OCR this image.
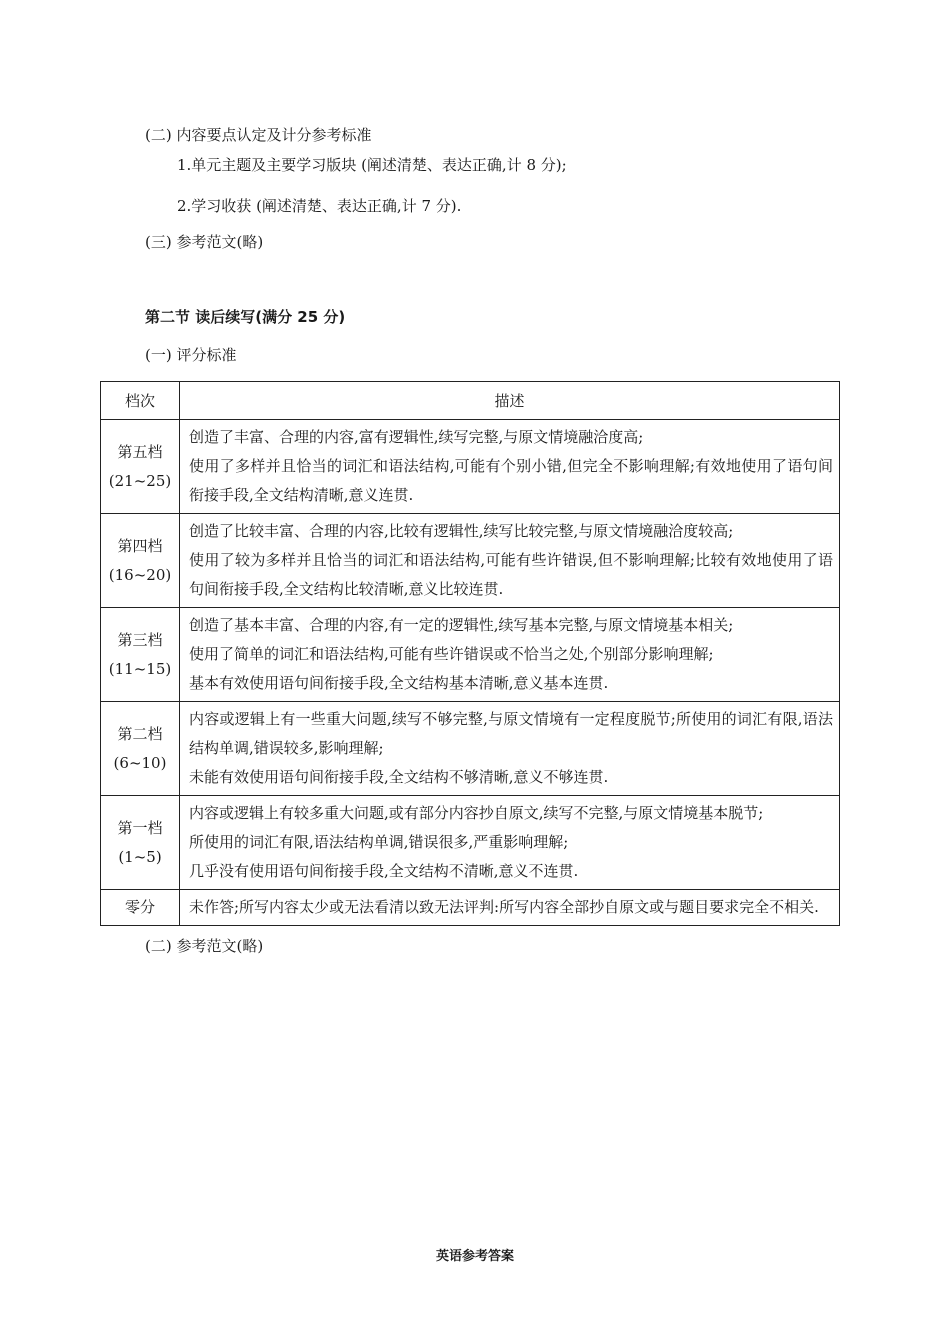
(二) 内容要点认定及计分参考标准
1.单元主题及主要学习版块 (阐述清楚、表达正确,计 8 分);
2.学习收获 (阐述清楚、表达正确,计 7 分).
(三) 参考范文(略)
第二节 读后续写(满分 25 分)
(一) 评分标准
档次	描述

第五档
(21~25)	创造了丰富、合理的内容,富有逻辑性,续写完整,与原文情境融洽度高;
使用了多样并且恰当的词汇和语法结构,可能有个别小错,但完全不影响理解;有效地使用了语句间衔接手段,全文结构清晰,意义连贯.

第四档
(16~20)	创造了比较丰富、合理的内容,比较有逻辑性,续写比较完整,与原文情境融洽度较高;
使用了较为多样并且恰当的词汇和语法结构,可能有些许错误,但不影响理解;比较有效地使用了语句间衔接手段,全文结构比较清晰,意义比较连贯.

第三档
(11~15)	创造了基本丰富、合理的内容,有一定的逻辑性,续写基本完整,与原文情境基本相关;
使用了简单的词汇和语法结构,可能有些许错误或不恰当之处,个别部分影响理解;
基本有效使用语句间衔接手段,全文结构基本清晰,意义基本连贯.

第二档
(6~10)	内容或逻辑上有一些重大问题,续写不够完整,与原文情境有一定程度脱节;所使用的词汇有限,语法结构单调,错误较多,影响理解;
未能有效使用语句间衔接手段,全文结构不够清晰,意义不够连贯.

第一档
(1~5)	内容或逻辑上有较多重大问题,或有部分内容抄自原文,续写不完整,与原文情境基本脱节;
所使用的词汇有限,语法结构单调,错误很多,严重影响理解;
几乎没有使用语句间衔接手段,全文结构不清晰,意义不连贯.

零分	未作答;所写内容太少或无法看清以致无法评判:所写内容全部抄自原文或与题目要求完全不相关.
(二) 参考范文(略)
英语参考答案
